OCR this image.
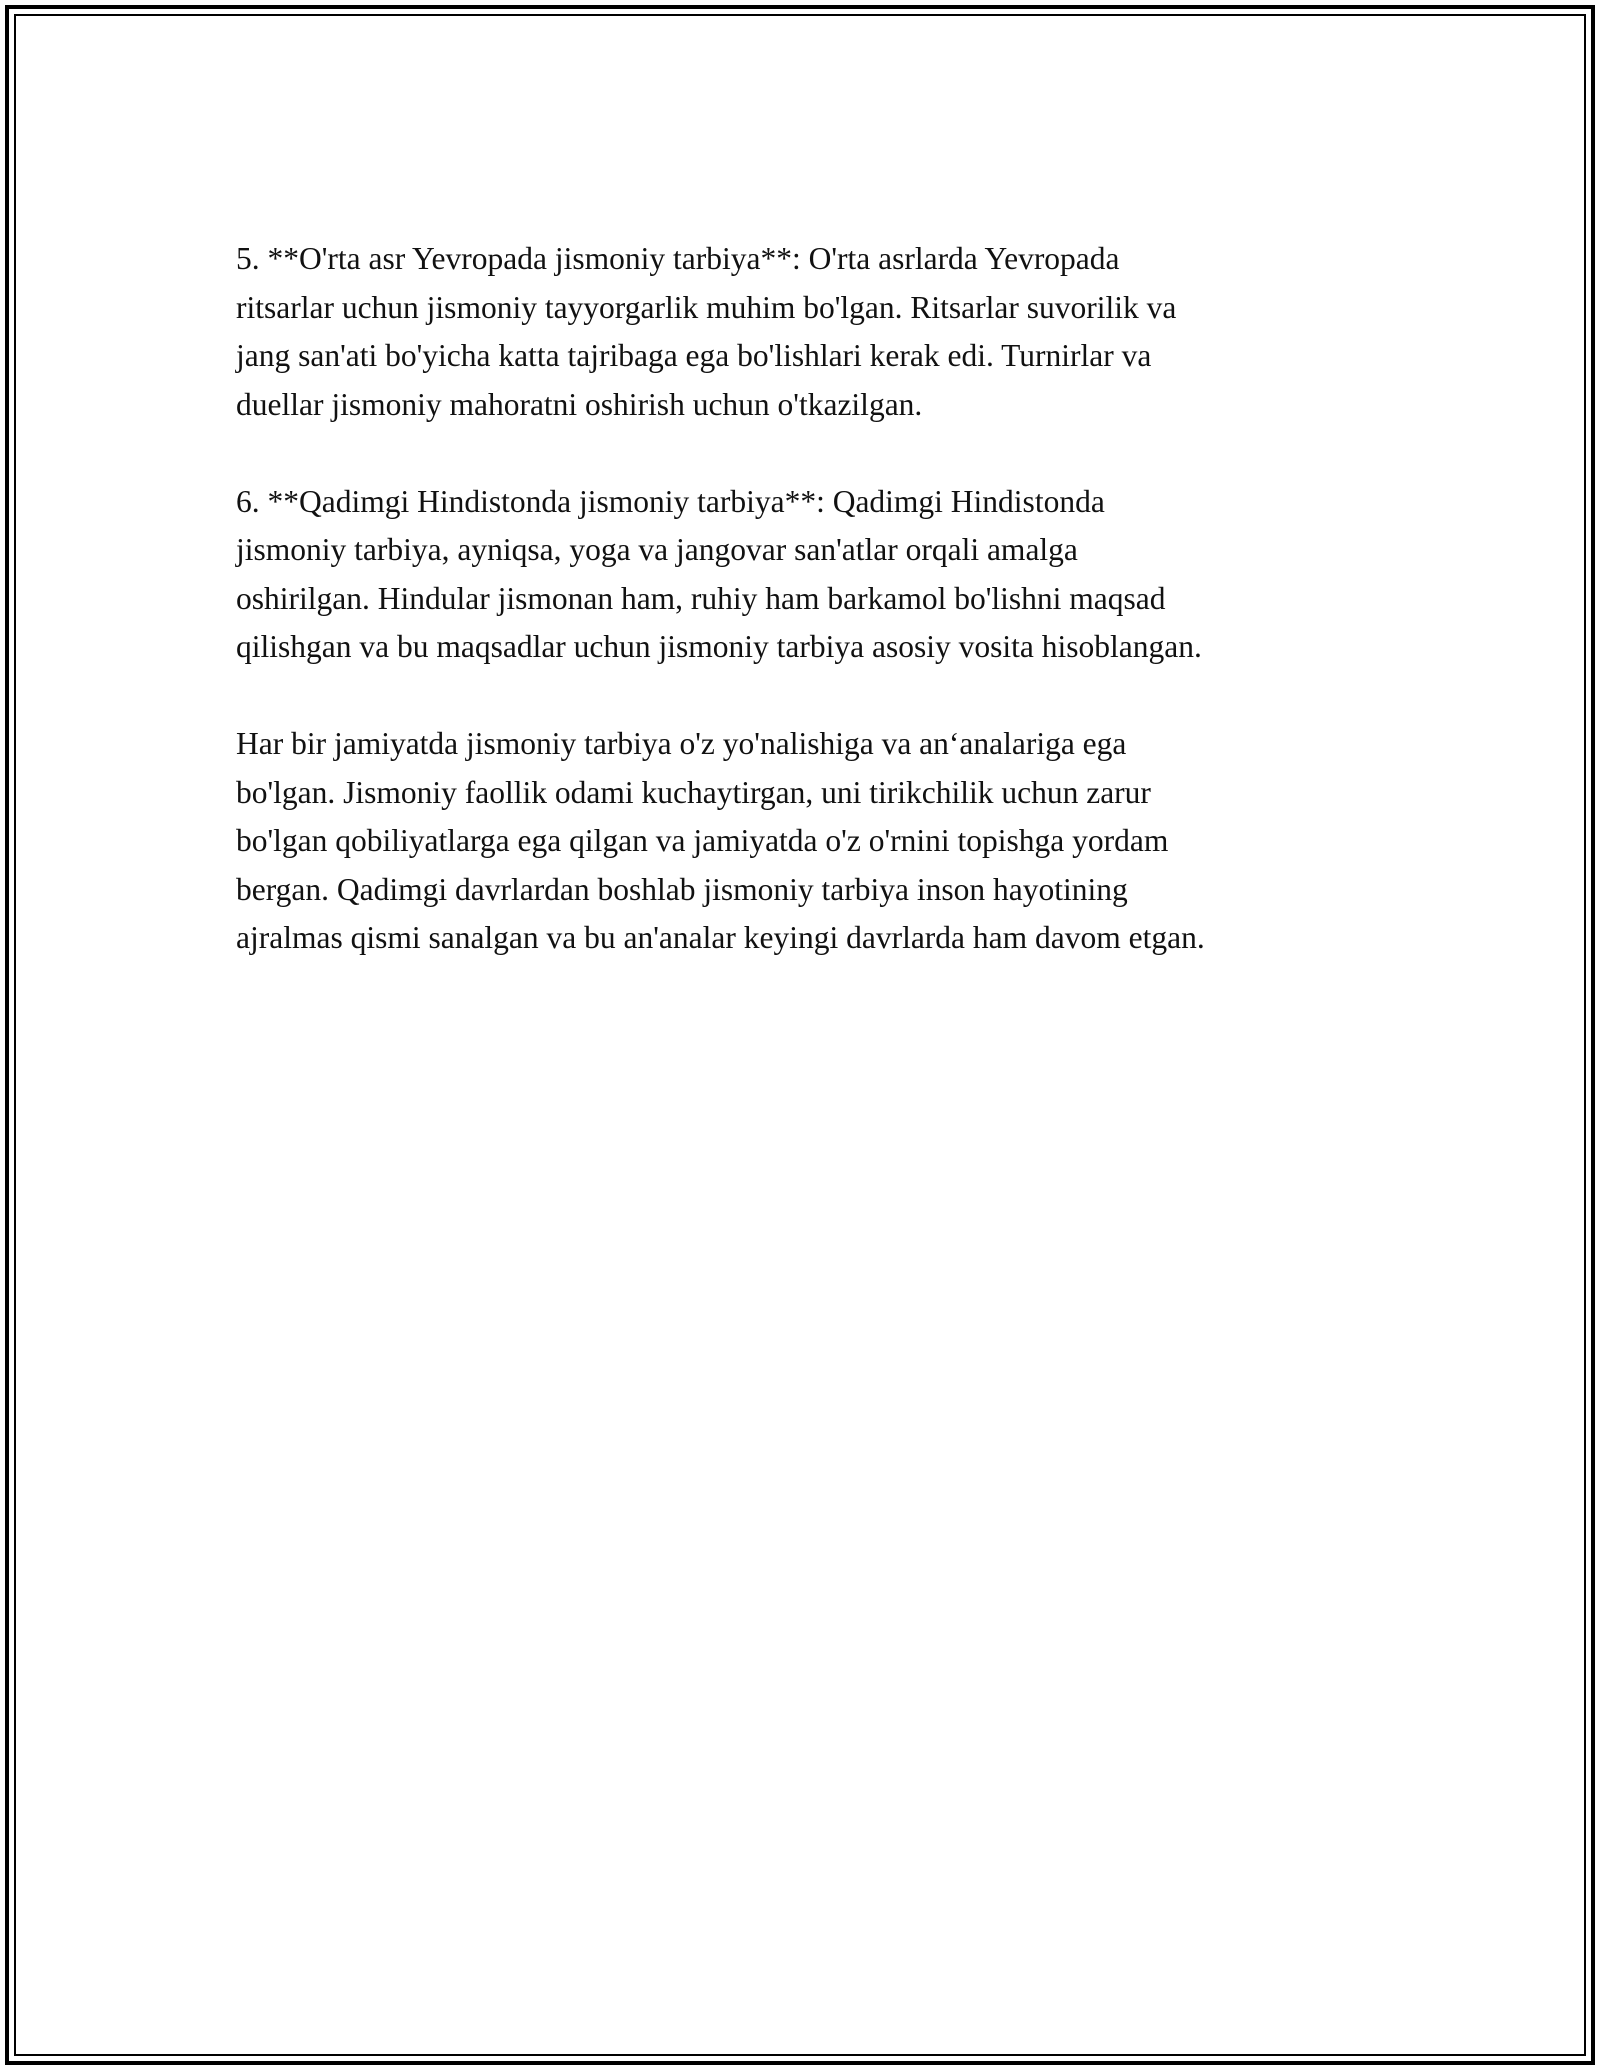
5. **O'rta asr Yevropada jismoniy tarbiya**: O'rta asrlarda Yevropada
ritsarlar uchun jismoniy tayyorgarlik muhim bo'lgan. Ritsarlar suvorilik va
jang san'ati bo'yicha katta tajribaga ega bo'lishlari kerak edi. Turnirlar va
duellar jismoniy mahoratni oshirish uchun o'tkazilgan.

6. **Qadimgi Hindistonda jismoniy tarbiya**: Qadimgi Hindistonda
jismoniy tarbiya, ayniqsa, yoga va jangovar san'atlar orqali amalga
oshirilgan. Hindular jismonan ham, ruhiy ham barkamol bo'lishni maqsad
qilishgan va bu maqsadlar uchun jismoniy tarbiya asosiy vosita hisoblangan.

Har bir jamiyatda jismoniy tarbiya o'z yo'nalishiga va an‘analariga ega
bo'lgan. Jismoniy faollik odami kuchaytirgan, uni tirikchilik uchun zarur
bo'lgan qobiliyatlarga ega qilgan va jamiyatda o'z o'rnini topishga yordam
bergan. Qadimgi davrlardan boshlab jismoniy tarbiya inson hayotining
ajralmas qismi sanalgan va bu an'analar keyingi davrlarda ham davom etgan.
